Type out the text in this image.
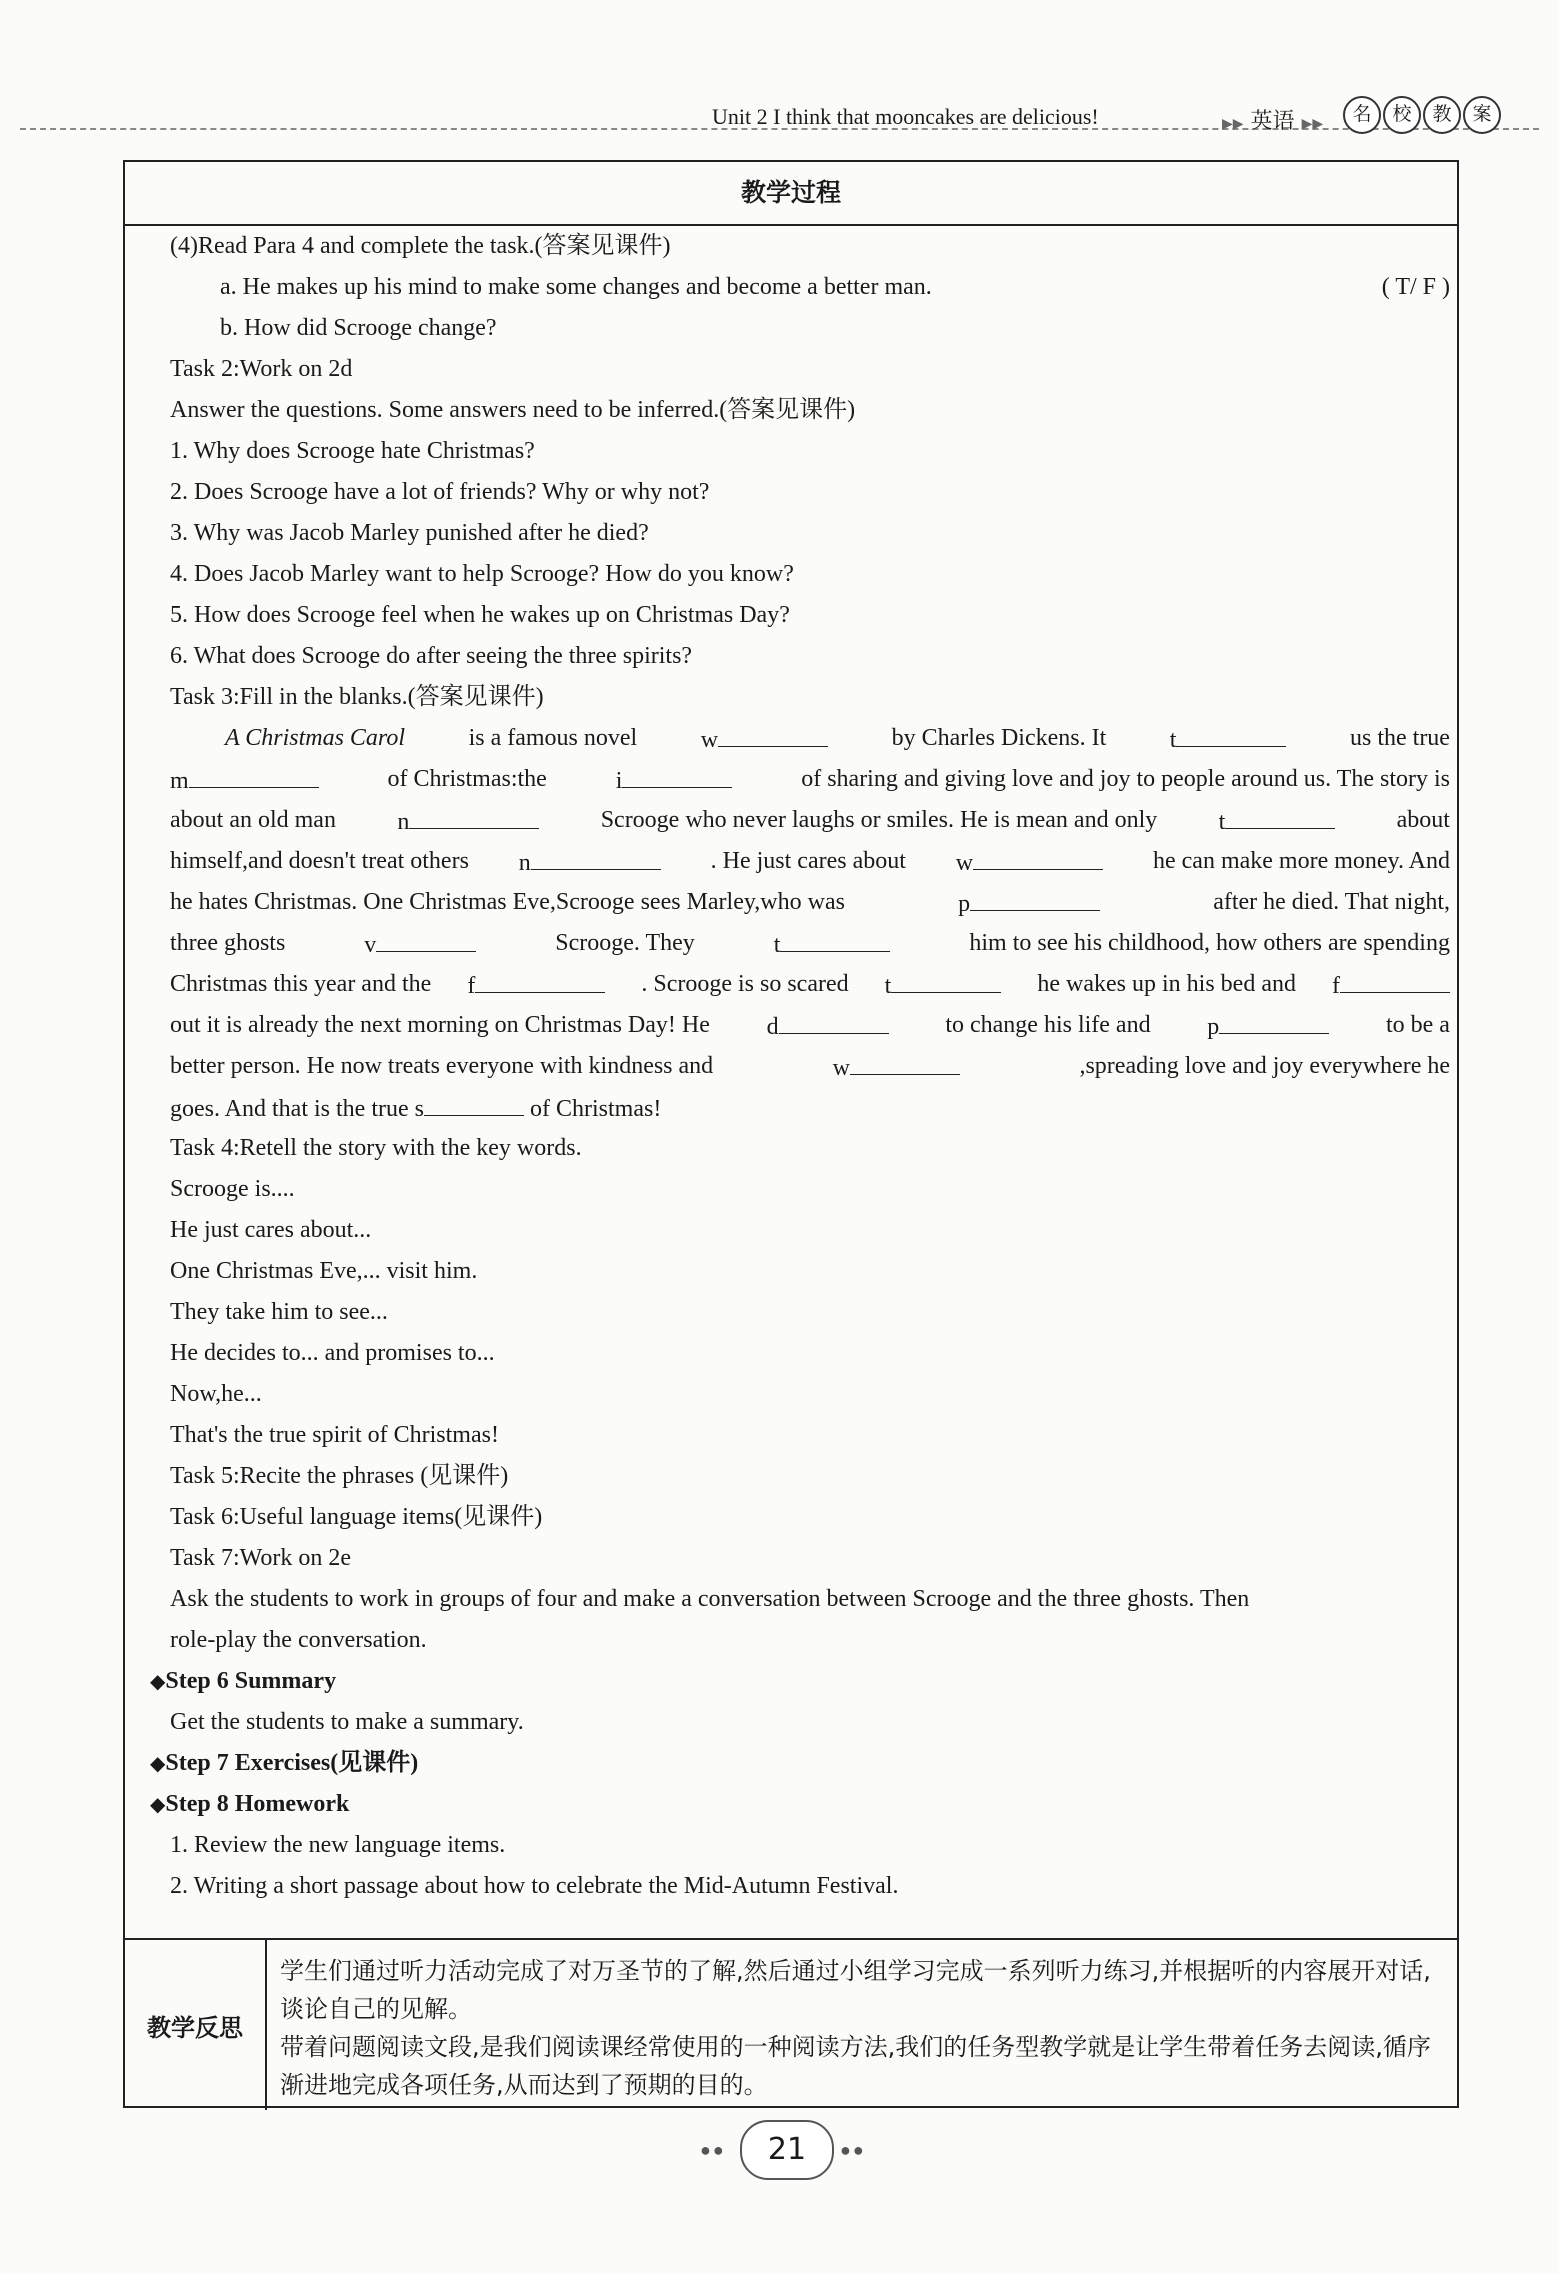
Unit 2 I think that mooncakes are delicious!	▶▶ 英语 ▶▶	名	校	教	案
教学过程
(4)Read Para 4 and complete the task.(答案见课件)
a. He makes up his mind to make some changes and become a better man.	( T/ F )
b. How did Scrooge change?
Task 2:Work on 2d
Answer the questions. Some answers need to be inferred.(答案见课件)
1. Why does Scrooge hate Christmas?
2. Does Scrooge have a lot of friends? Why or why not?
3. Why was Jacob Marley punished after he died?
4. Does Jacob Marley want to help Scrooge? How do you know?
5. How does Scrooge feel when he wakes up on Christmas Day?
6. What does Scrooge do after seeing the three spirits?
Task 3:Fill in the blanks.(答案见课件)
A Christmas Carol	is a famous novel	w	by Charles Dickens. It	t	us the true
m	of Christmas:the	i	of sharing and giving love and joy to people around us. The story is
about an old man	n	Scrooge who never laughs or smiles. He is mean and only	t	about
himself,and doesn't treat others n	. He just cares about w	he can make more money. And
he hates Christmas. One Christmas Eve,Scrooge sees Marley,who was	p	after he died. That night,
three ghosts	v	Scrooge. They	t	him to see his childhood, how others are spending
Christmas this year and the f	. Scrooge is so scared t	he wakes up in his bed and f
out it is already the next morning on Christmas Day! He d	to change his life and p	to be a
better person. He now treats everyone with kindness and	w	,spreading love and joy everywhere he
goes. And that is the true s	of Christmas!
Task 4:Retell the story with the key words.
Scrooge is....
He just cares about...
One Christmas Eve,... visit him.
They take him to see...
He decides to... and promises to...
Now,he...
That's the true spirit of Christmas!
Task 5:Recite the phrases (见课件)
Task 6:Useful language items(见课件)
Task 7:Work on 2e
Ask the students to work in groups of four and make a conversation between Scrooge and the three ghosts. Then
role-play the conversation.
◆Step 6 Summary
Get the students to make a summary.
◆Step 7 Exercises(见课件)
◆Step 8 Homework
1. Review the new language items.
2. Writing a short passage about how to celebrate the Mid-Autumn Festival.
教学反思
学生们通过听力活动完成了对万圣节的了解,然后通过小组学习完成一系列听力练习,并根据听的内容展开对话,谈论自己的见解。
带着问题阅读文段,是我们阅读课经常使用的一种阅读方法,我们的任务型教学就是让学生带着任务去阅读,循序渐进地完成各项任务,从而达到了预期的目的。
●●	21	●●
